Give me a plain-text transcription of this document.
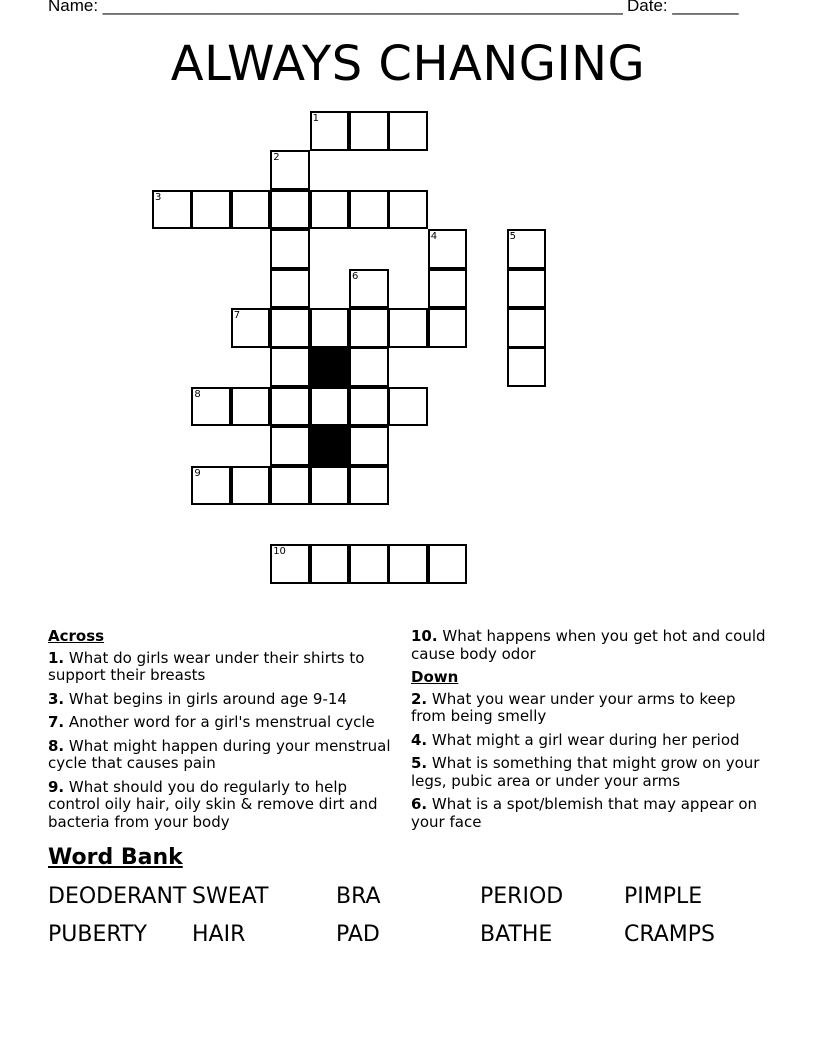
Name: _______________________________________________________ Date: _______
ALWAYS CHANGING
1
2
3
4	5
6
7
8
9
10
Across
1. What do girls wear under their shirts to support their breasts
3. What begins in girls around age 9-14
7. Another word for a girl's menstrual cycle
8. What might happen during your menstrual cycle that causes pain
9. What should you do regularly to help control oily hair, oily skin & remove dirt and bacteria from your body
10. What happens when you get hot and could cause body odor
Down
2. What you wear under your arms to keep from being smelly
4. What might a girl wear during her period
5. What is something that might grow on your legs, pubic area or under your arms
6. What is a spot/blemish that may appear on your face
Word Bank
DEODERANT SWEAT	BRA	PERIOD	PIMPLE
PUBERTY HAIR	PAD	BATHE	CRAMPS
